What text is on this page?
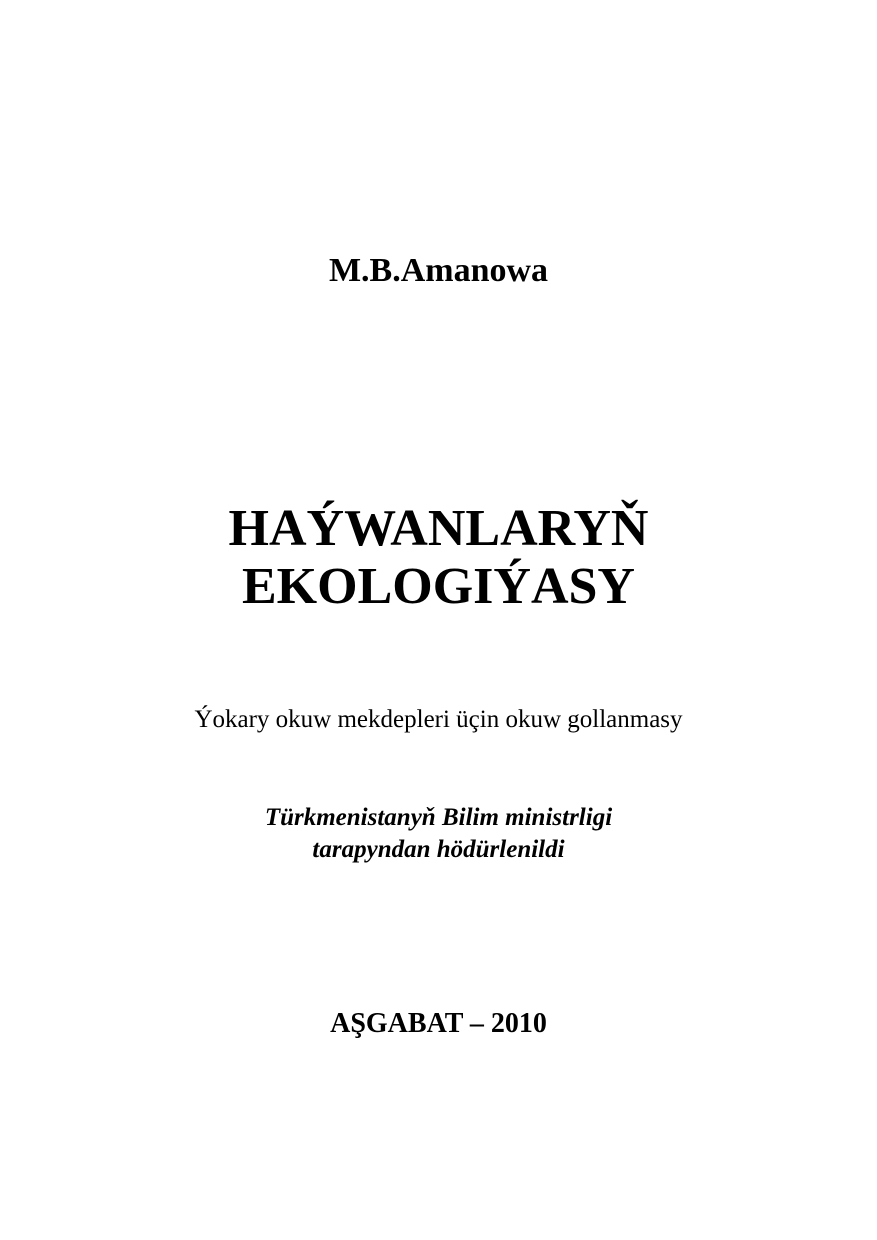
M.B.Amanowa
HAÝWANLARYŇ
EKOLOGIÝASY
Ýokary okuw mekdepleri üçin okuw gollanmasy
Türkmenistanyň Bilim ministrligi
tarapyndan hödürlenildi
AŞGABAT – 2010
